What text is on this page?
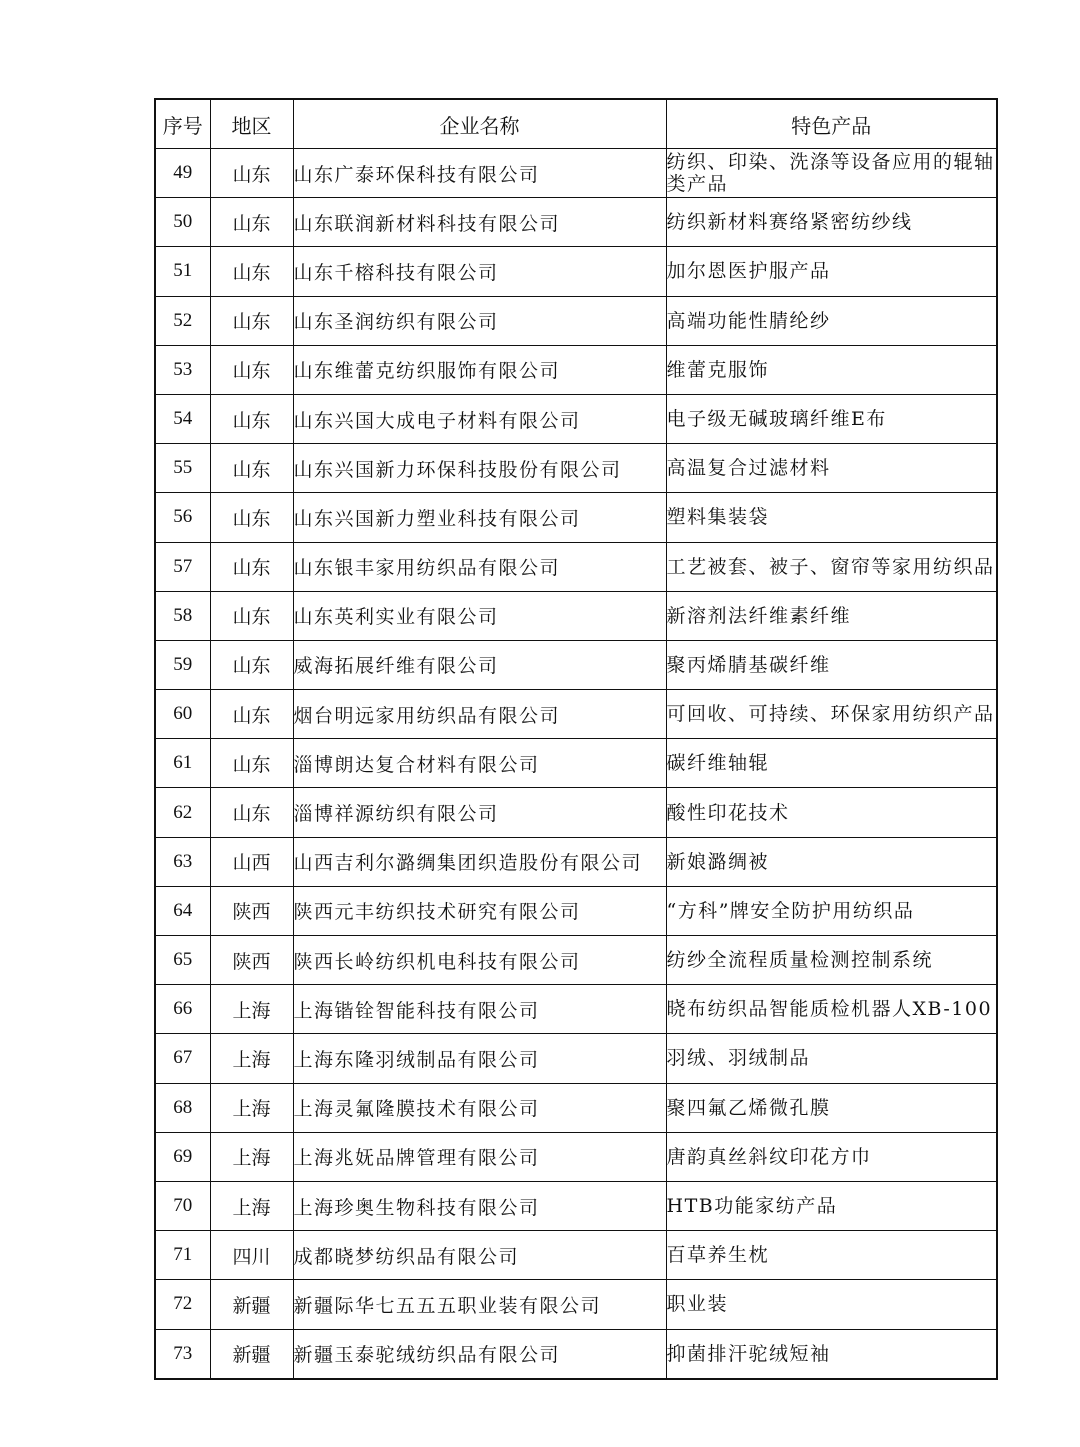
序号	地区	企业名称	特色产品
49	山东	山东广泰环保科技有限公司	纺织、印染、洗涤等设备应用的辊轴类产品
50	山东	山东联润新材料科技有限公司	纺织新材料赛络紧密纺纱线
51	山东	山东千榕科技有限公司	加尔恩医护服产品
52	山东	山东圣润纺织有限公司	高端功能性腈纶纱
53	山东	山东维蕾克纺织服饰有限公司	维蕾克服饰
54	山东	山东兴国大成电子材料有限公司	电子级无碱玻璃纤维E布
55	山东	山东兴国新力环保科技股份有限公司	高温复合过滤材料
56	山东	山东兴国新力塑业科技有限公司	塑料集装袋
57	山东	山东银丰家用纺织品有限公司	工艺被套、被子、窗帘等家用纺织品
58	山东	山东英利实业有限公司	新溶剂法纤维素纤维
59	山东	威海拓展纤维有限公司	聚丙烯腈基碳纤维
60	山东	烟台明远家用纺织品有限公司	可回收、可持续、环保家用纺织产品
61	山东	淄博朗达复合材料有限公司	碳纤维轴辊
62	山东	淄博祥源纺织有限公司	酸性印花技术
63	山西	山西吉利尔潞绸集团织造股份有限公司	新娘潞绸被
64	陕西	陕西元丰纺织技术研究有限公司	“方科”牌安全防护用纺织品
65	陕西	陕西长岭纺织机电科技有限公司	纺纱全流程质量检测控制系统
66	上海	上海锴铨智能科技有限公司	晓布纺织品智能质检机器人XB-100
67	上海	上海东隆羽绒制品有限公司	羽绒、羽绒制品
68	上海	上海灵氟隆膜技术有限公司	聚四氟乙烯微孔膜
69	上海	上海兆妩品牌管理有限公司	唐韵真丝斜纹印花方巾
70	上海	上海珍奥生物科技有限公司	HTB功能家纺产品
71	四川	成都晓梦纺织品有限公司	百草养生枕
72	新疆	新疆际华七五五五职业装有限公司	职业装
73	新疆	新疆玉泰驼绒纺织品有限公司	抑菌排汗驼绒短袖
